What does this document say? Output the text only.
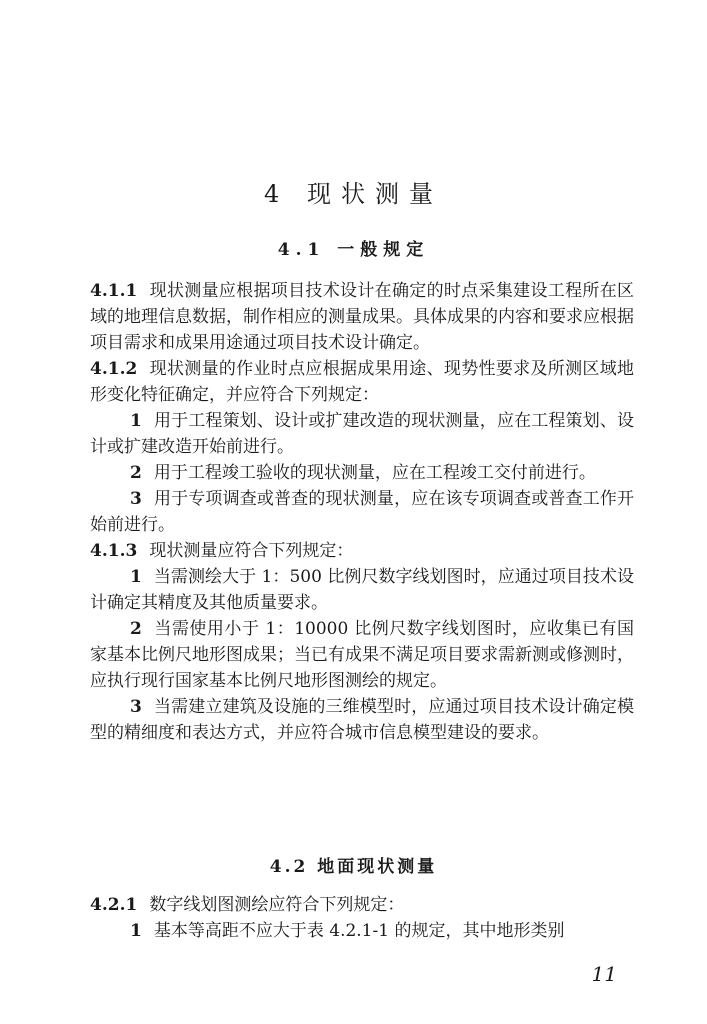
4 现状测量
4.1 一般规定

4.1.1 现状测量应根据项目技术设计在确定的时点采集建设工程所在区域的地理信息数据，制作相应的测量成果。具体成果的内容和要求应根据项目需求和成果用途通过项目技术设计确定。

4.1.2 现状测量的作业时点应根据成果用途、现势性要求及所测区域地形变化特征确定，并应符合下列规定：

1 用于工程策划、设计或扩建改造的现状测量，应在工程策划、设计或扩建改造开始前进行。

2 用于工程竣工验收的现状测量，应在工程竣工交付前进行。

3 用于专项调查或普查的现状测量，应在该专项调查或普查工作开始前进行。

4.1.3 现状测量应符合下列规定：

1 当需测绘大于 1：500 比例尺数字线划图时，应通过项目技术设计确定其精度及其他质量要求。

2 当需使用小于 1：10000 比例尺数字线划图时，应收集已有国家基本比例尺地形图成果；当已有成果不满足项目要求需新测或修测时，应执行现行国家基本比例尺地形图测绘的规定。

3 当需建立建筑及设施的三维模型时，应通过项目技术设计确定模型的精细度和表达方式，并应符合城市信息模型建设的要求。

4.2 地面现状测量

4.2.1 数字线划图测绘应符合下列规定：

1 基本等高距不应大于表 4.2.1-1 的规定，其中地形类别

11
